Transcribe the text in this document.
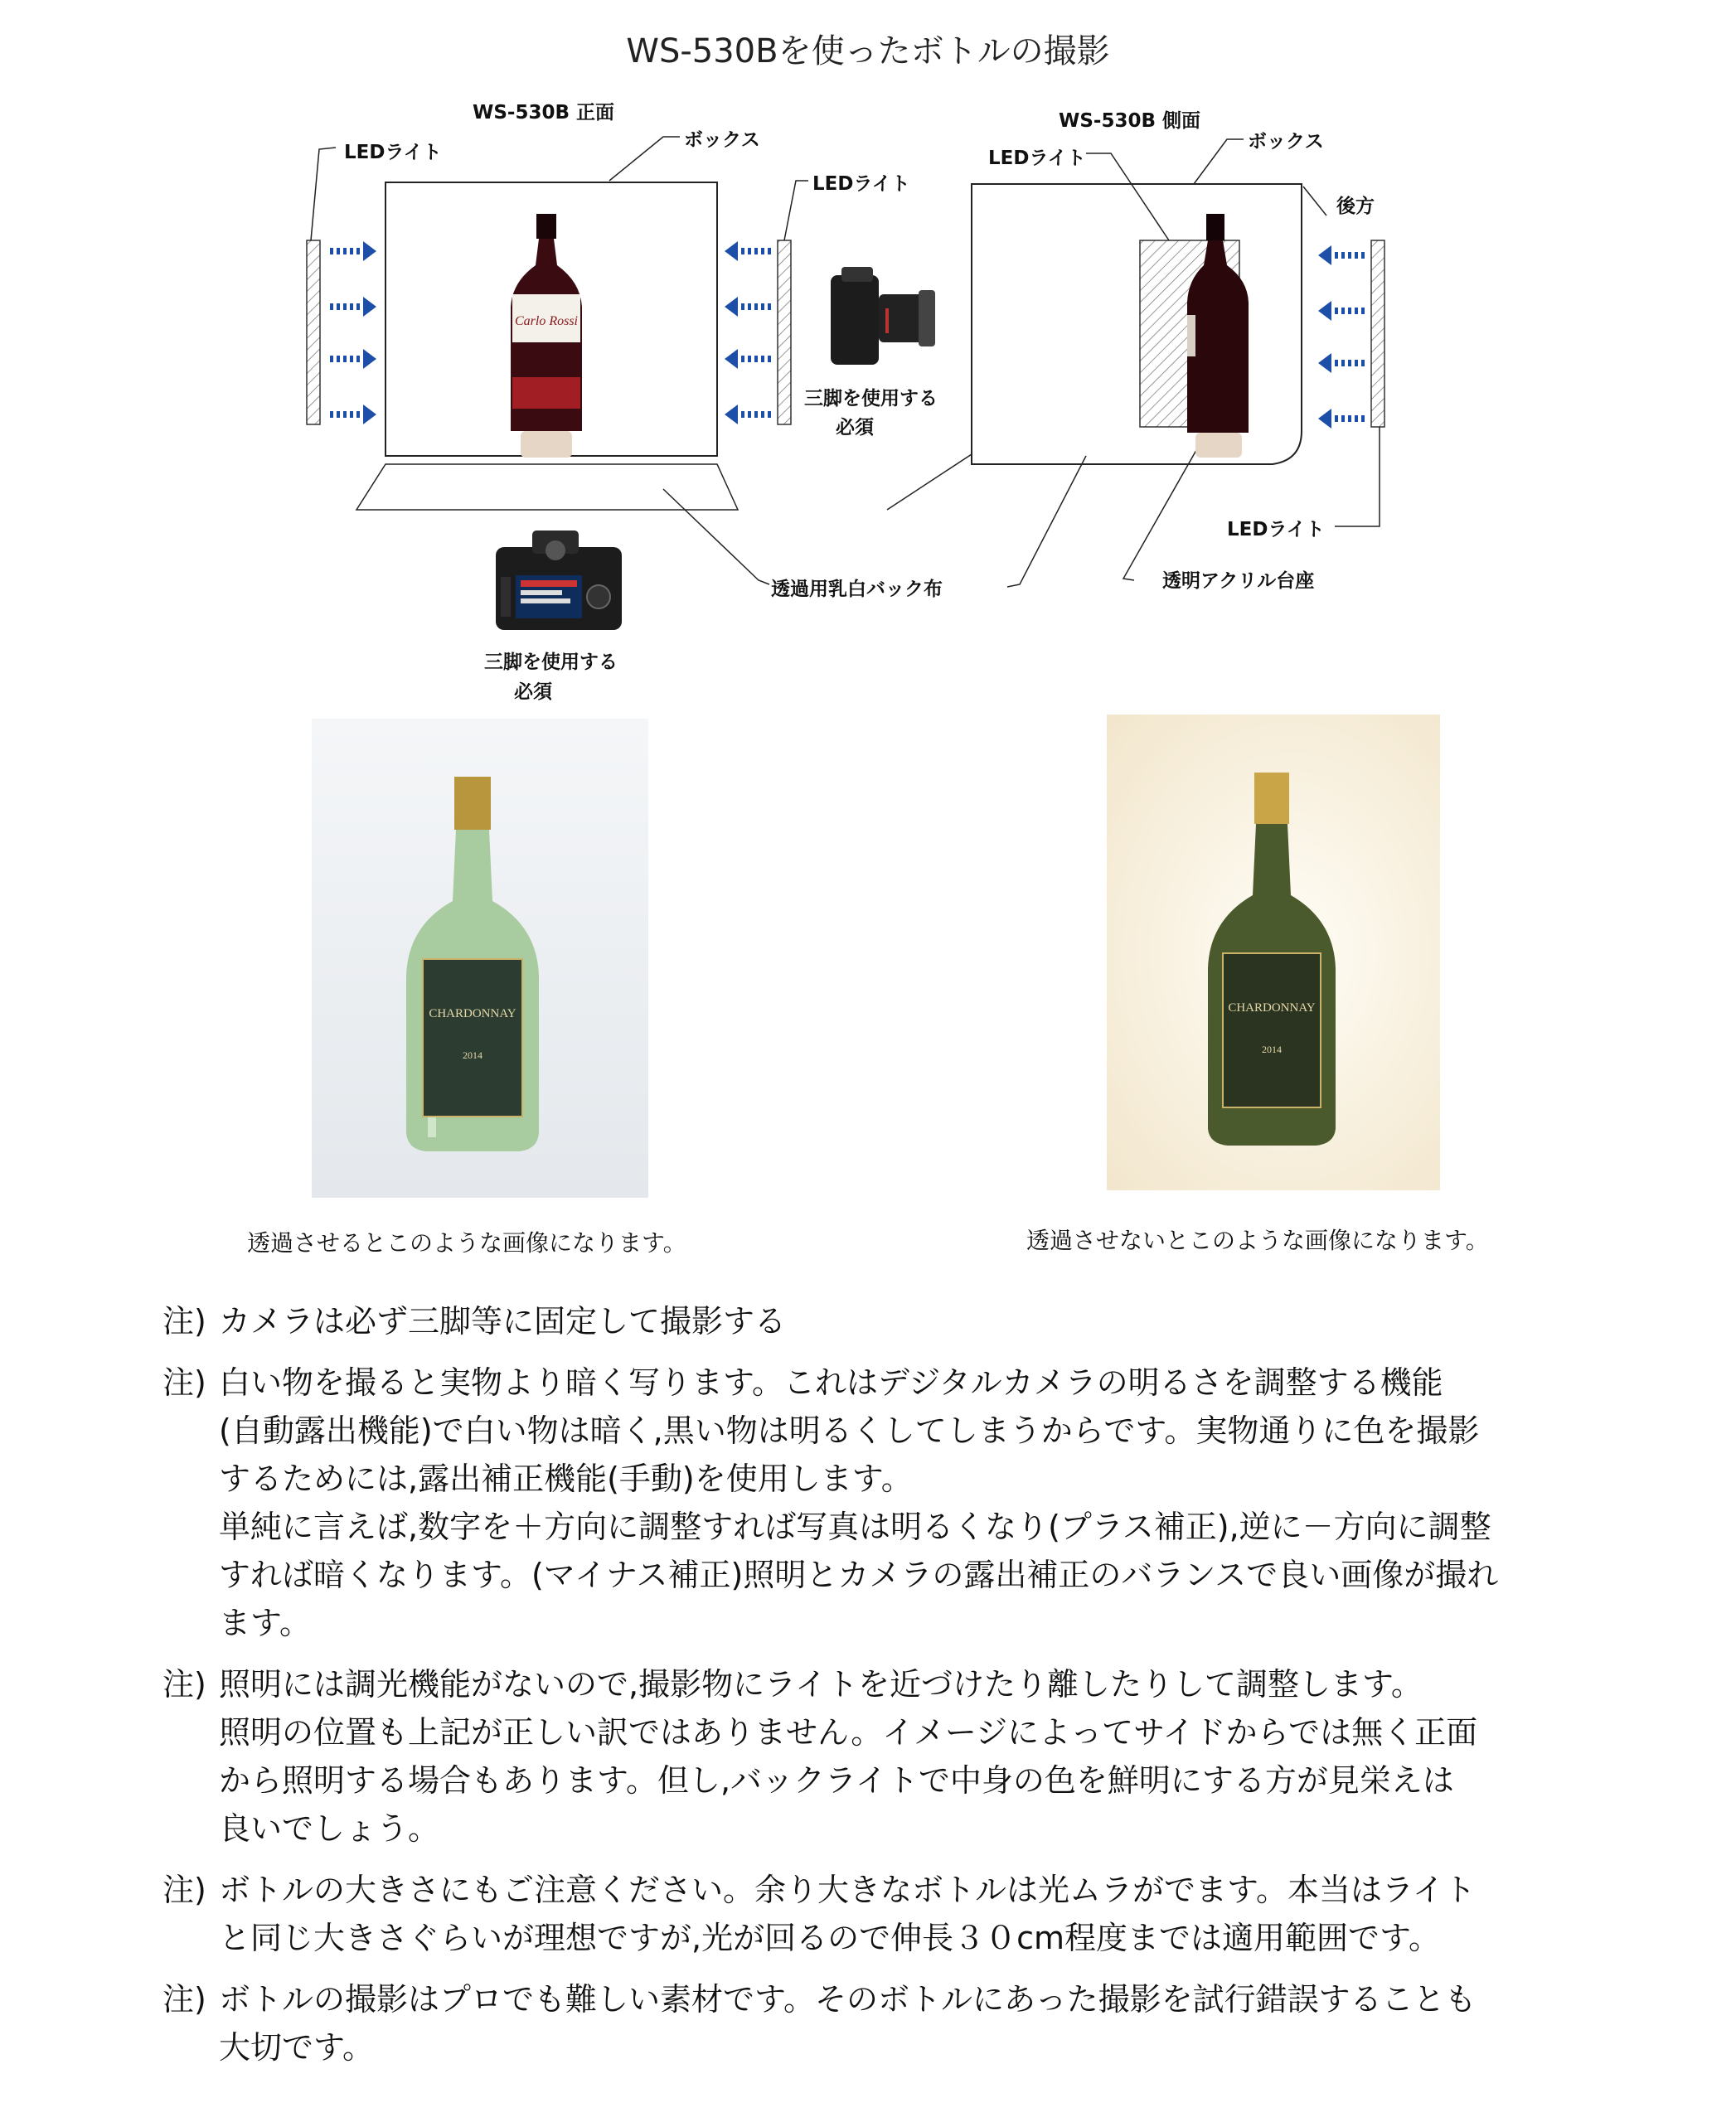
WS-530Bを使ったボトルの撮影
Carlo Rossi
WS-530B 正面
LEDライト
ボックス
LEDライト
三脚を使用する
必須
WS-530B 側面
LEDライト
ボックス
後方
LEDライト
透過用乳白バック布	透明アクリル台座
三脚を使用する
必須
CHARDONNAY
2014
CHARDONNAY
2014
透過させるとこのような画像になります。	透過させないとこのような画像になります。
注) カメラは必ず三脚等に固定して撮影する

注) 白い物を撮ると実物より暗く写ります。これはデジタルカメラの明るさを調整する機能

(自動露出機能)で白い物は暗く,黒い物は明るくしてしまうからです。実物通りに色を撮影

するためには,露出補正機能(手動)を使用します。

単純に言えば,数字を＋方向に調整すれば写真は明るくなり(プラス補正),逆に－方向に調整

すれば暗くなります。(マイナス補正)照明とカメラの露出補正のバランスで良い画像が撮れ

ます。

注) 照明には調光機能がないので,撮影物にライトを近づけたり離したりして調整します。

照明の位置も上記が正しい訳ではありません。イメージによってサイドからでは無く正面

から照明する場合もあります。但し,バックライトで中身の色を鮮明にする方が見栄えは

良いでしょう。

注) ボトルの大きさにもご注意ください。余り大きなボトルは光ムラがでます。本当はライト

と同じ大きさぐらいが理想ですが,光が回るので伸長３０cm程度までは適用範囲です。

注) ボトルの撮影はプロでも難しい素材です。そのボトルにあった撮影を試行錯誤することも

大切です。
